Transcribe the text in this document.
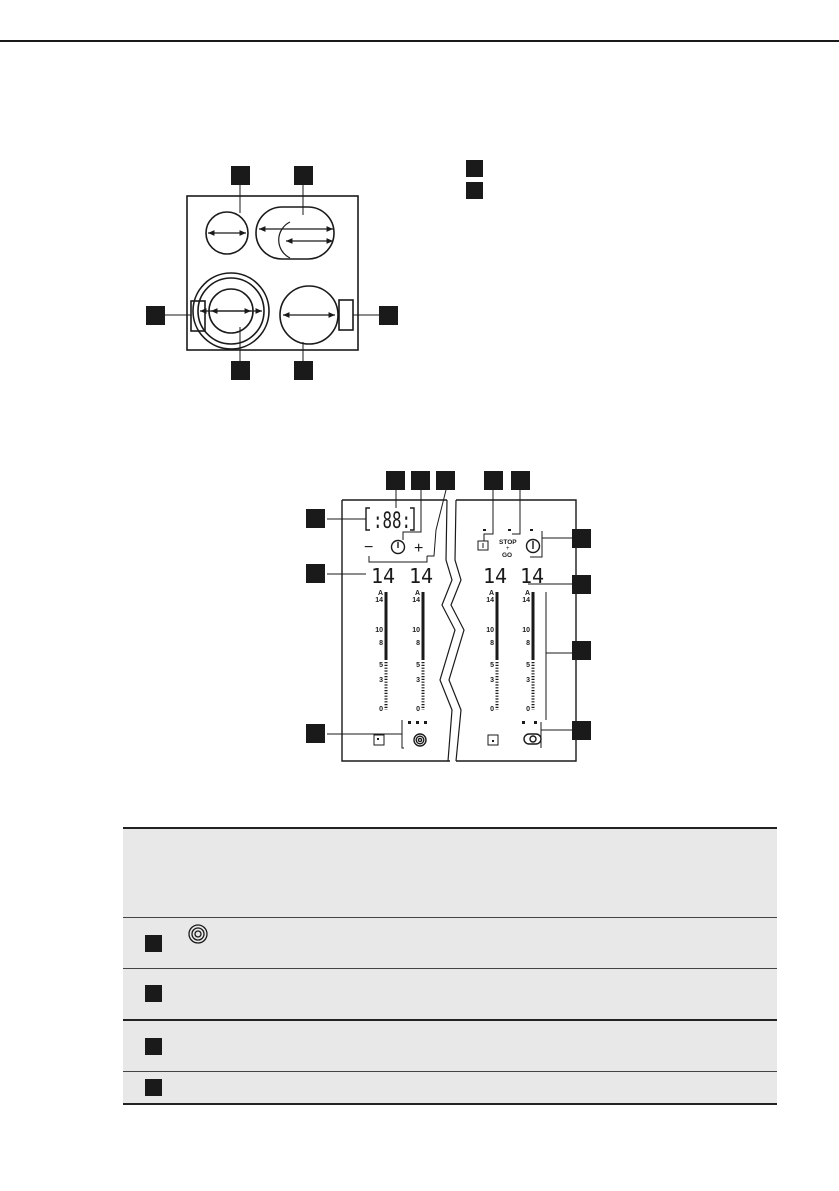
:88:
−	+	STOP
+
GO
14 14 14 14
A
14
10
8
5
3
0
A
14
10
8
5
3
0
A
14
10
8
5
3
0
A
14
10
8
5
3
0
